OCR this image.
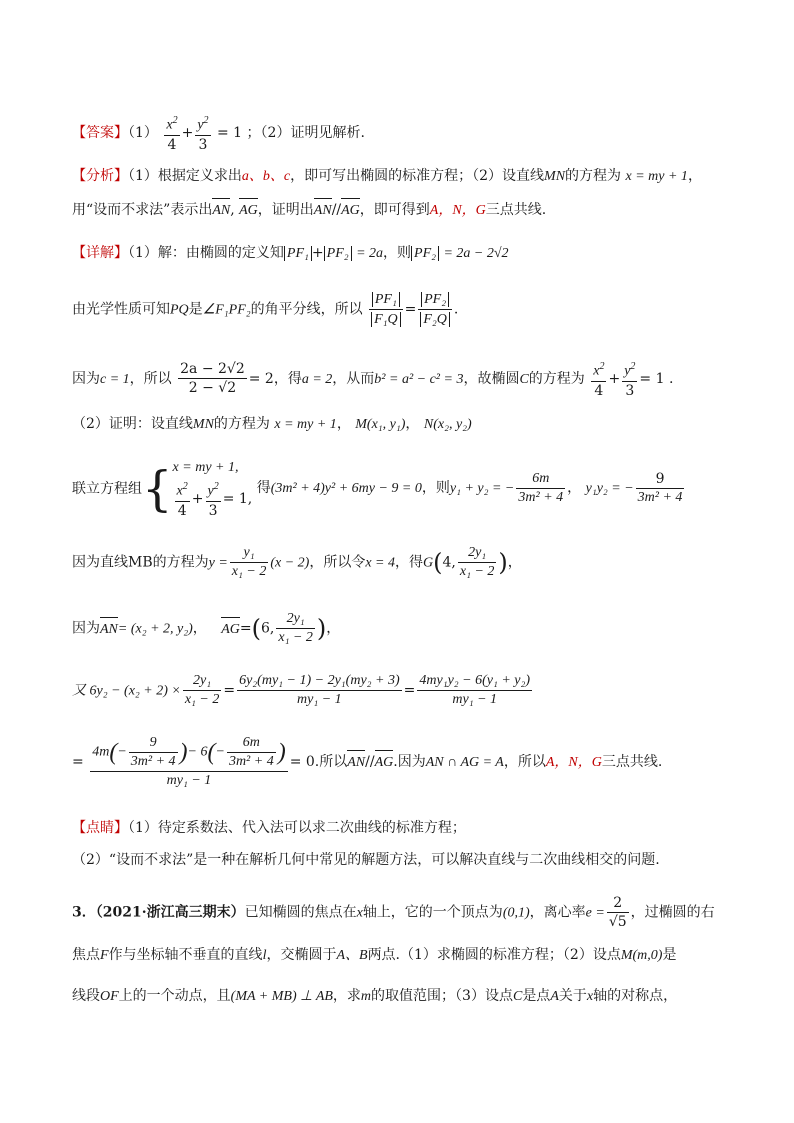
【答案】$(1) \frac{x^2}{4} + \frac{y^2}{3} = 1$ ；（2）证明见解析.
【分析】（1）根据定义求出a、b、c，即可写出椭圆的标准方程；（2）设直线MN的方程为 x = my + 1，
用“设而不求法”表示出AN, AG，证明出AN//AG，即可得到A，N，G三点共线.
【详解】（1）解：由椭圆的定义知 PF₁ + PF₂ = 2a，则 PF₂ = 2a − 2√2
由光学性质可知PQ是∠F₁PF₂的角平分线，所以 $\frac{\text{PF₁}}{\text{F₁Q}} = \frac{\text{PF₂}}{\text{F₂Q}}$ .
因为c = 1，所以 $\frac{2a - 2√2}{2 - √2} = 2$，得a = 2，从而b² = a² − c² = 3，故椭圆C的方程为 $\frac{x^2}{4} + \frac{y^2}{3} = 1$ .
（2）证明：设直线MN的方程为 x = my + 1， M(x₁, y₁)， N(x₂, y₂)
联立方程组{ x = my + 1,
$\frac{x^2}{4} + \frac{y^2}{3} = 1$,
得(3m² + 4)y² + 6my − 9 = 0，则y₁ + y₂ = − $\frac{6m}{\text{3m² + 4}}$ ， y₁y₂ = − $\frac{9}{\text{3m² + 4}}$
因为直线MB的方程为$y = \frac{\text{y₁}}{\text{x₁ − 2}} (x - 2)$，所以令x = 4，得G(4, $\frac{\text{2y₁}}{\text{x₁ − 2}}$ )，
因为AN= (x₂ + 2, y₂)， AG=(6, $\frac{\text{2y₁}}{\text{x₁ − 2}}$ )，
又 $6y_2 - (x_2 + 2) \times \frac{\text{2y₁}}{\text{x₁ − 2}} = \frac{\text{6y₂(my₁ − 1) − 2y₁(my₂ + 3)}}{\text{my₁ − 1}} = \frac{\text{4my₁y₂ − 6(y₁ + y₂)}}{\text{my₁ − 1}}$
= $\frac{4m(- \frac{9}{\text{3m² + 4}} )- 6(- \frac{6m}{\text{3m² + 4}} )}{\text{my₁ − 1}} = 0$.所以AN//AG.因为AN ∩ AG = A，所以A，N，G三点共线.
【点睛】（1）待定系数法、代入法可以求二次曲线的标准方程；
（2）“设而不求法”是一种在解析几何中常见的解题方法，可以解决直线与二次曲线相交的问题.
3．（2021·浙江高三期末）已知椭圆的焦点在x轴上，它的一个顶点为(0,1)，离心率$e = \frac{2}{√5}$ ，过椭圆的右
焦点F作与坐标轴不垂直的直线l，交椭圆于A、B两点.（1）求椭圆的标准方程；（2）设点M(m,0)是
线段OF上的一个动点，且(MA + MB) ⊥ AB，求m的取值范围；（3）设点C是点A关于x轴的对称点，
